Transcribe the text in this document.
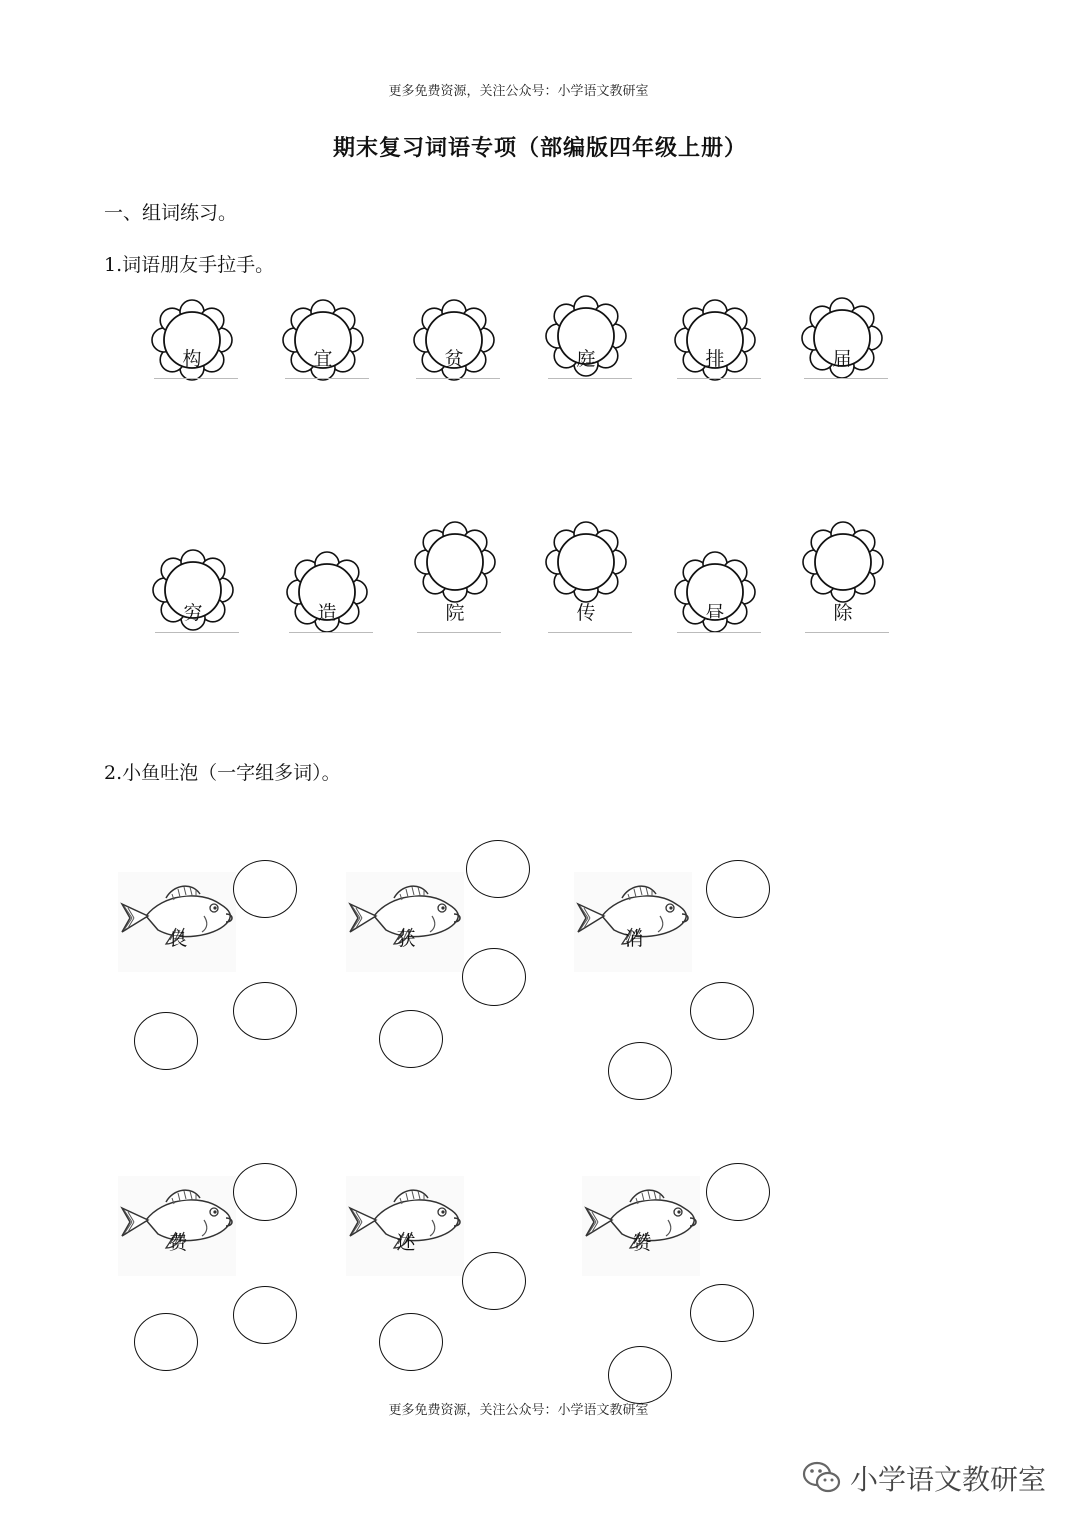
更多免费资源，关注公众号：小学语文教研室
期末复习词语专项（部编版四年级上册）
一、组词练习。
1.词语朋友手拉手。
构	宜	贫	庭	排	届
穷	造	院	传	昼	除
2.小鱼吐泡（一字组多词）。
良	获	消
费	述	赞
更多免费资源，关注公众号：小学语文教研室
小学语文教研室
